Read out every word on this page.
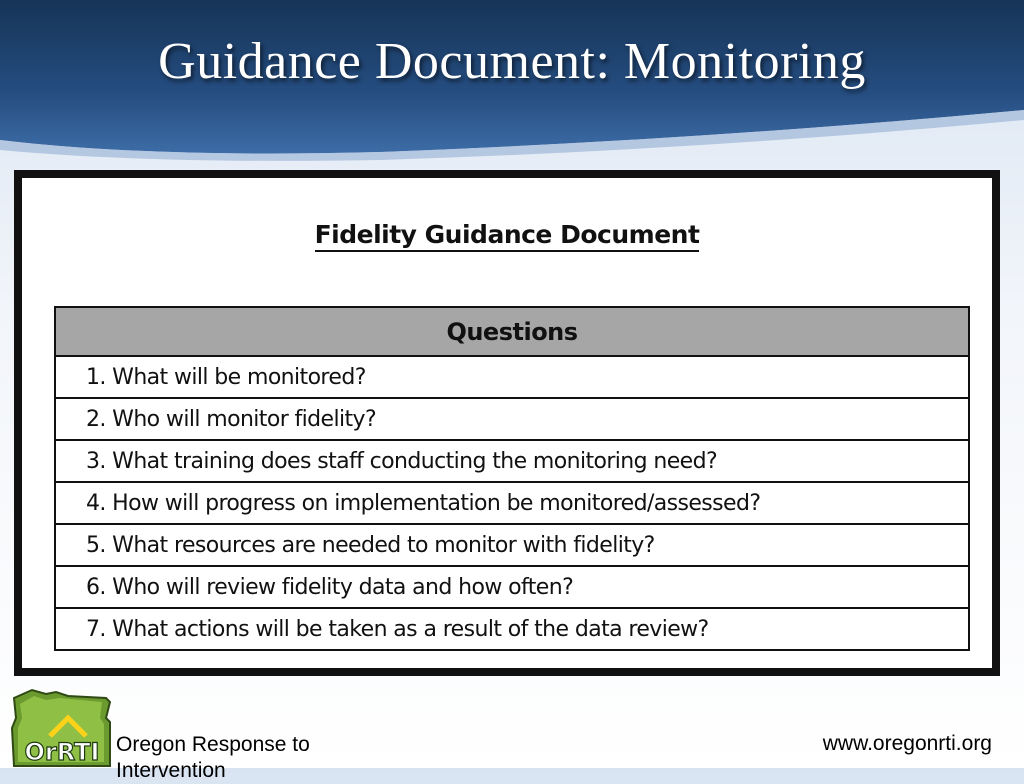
Guidance Document: Monitoring
Fidelity Guidance Document
Questions
1. What will be monitored?
2. Who will monitor fidelity?
3. What training does staff conducting the monitoring need?
4. How will progress on implementation be monitored/assessed?
5. What resources are needed to monitor with fidelity?
6. Who will review fidelity data and how often?
7. What actions will be taken as a result of the data review?
OrRTI Oregon Response to Intervention
www.oregonrti.org
